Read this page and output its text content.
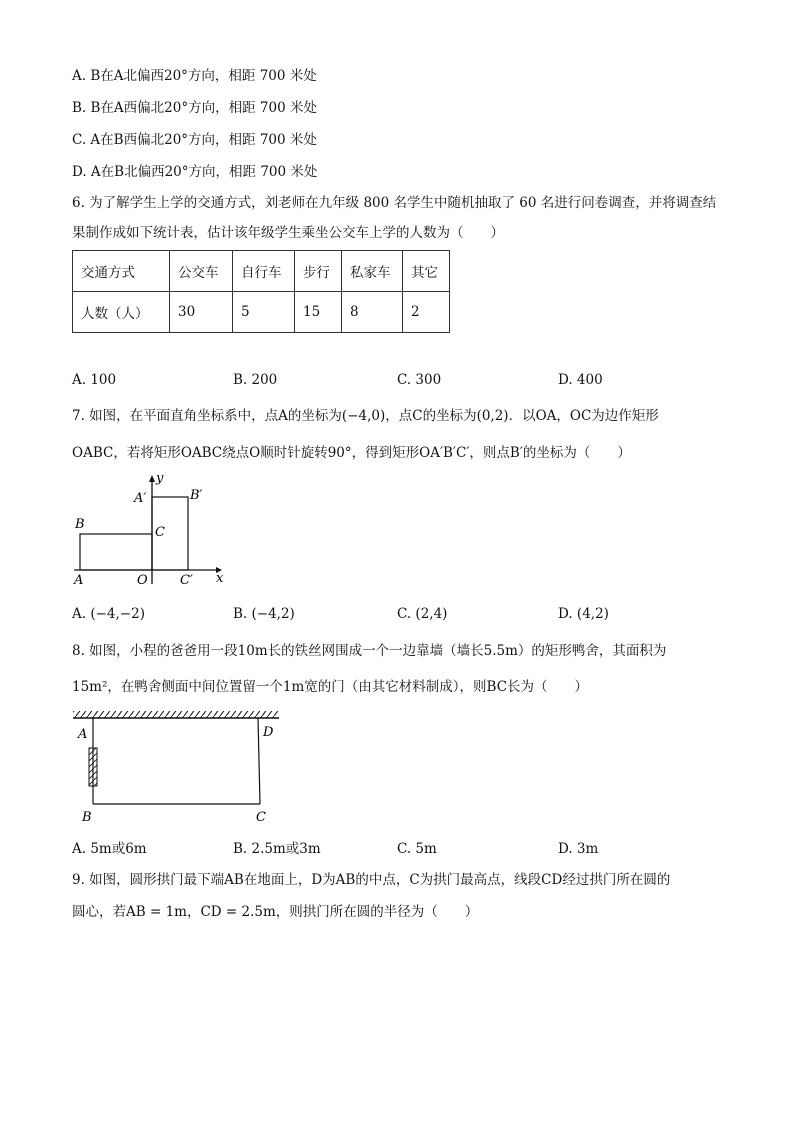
A. B在A北偏西20°方向，相距 700 米处
B. B在A西偏北20°方向，相距 700 米处
C. A在B西偏北20°方向，相距 700 米处
D. A在B北偏西20°方向，相距 700 米处
6. 为了解学生上学的交通方式，刘老师在九年级 800 名学生中随机抽取了 60 名进行问卷调查，并将调查结
果制作成如下统计表，估计该年级学生乘坐公交车上学的人数为（　　）
交通方式	公交车	自行车	步行	私家车	其它
人数（人）	30	5	15	8	2
A. 100	B. 200	C. 300	D. 400
7. 如图，在平面直角坐标系中，点A的坐标为(−4,0)，点C的坐标为(0,2)．以OA，OC为边作矩形
OABC，若将矩形OABC绕点O顺时针旋转90°，得到矩形OA′B′C′，则点B′的坐标为（　　）
y
A′	B′
B
C
A	O C′ x
A. (−4,−2)	B. (−4,2)	C. (2,4)	D. (4,2)
8. 如图，小程的爸爸用一段10m长的铁丝网围成一个一边靠墙（墙长5.5m）的矩形鸭舍，其面积为
15m²，在鸭舍侧面中间位置留一个1m宽的门（由其它材料制成），则BC长为（　　）
A	D
B	C
A. 5m或6m	B. 2.5m或3m	C. 5m	D. 3m
9. 如图，圆形拱门最下端AB在地面上，D为AB的中点，C为拱门最高点，线段CD经过拱门所在圆的
圆心，若AB = 1m，CD = 2.5m，则拱门所在圆的半径为（　　）
